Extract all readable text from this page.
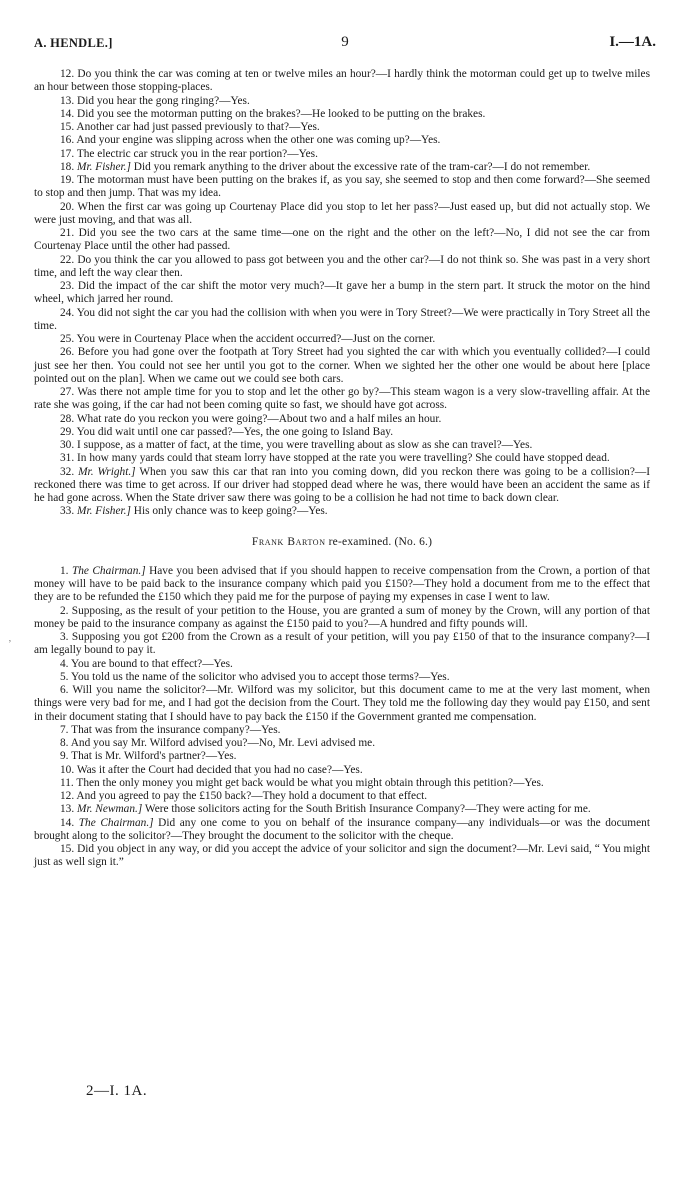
A. HENDLE.]	9	I.—1A.
’

12. Do you think the car was coming at ten or twelve miles an hour?—I hardly think the motorman could get up to twelve miles an hour between those stopping-places.

13. Did you hear the gong ringing?—Yes.

14. Did you see the motorman putting on the brakes?—He looked to be putting on the brakes.

15. Another car had just passed previously to that?—Yes.

16. And your engine was slipping across when the other one was coming up?—Yes.

17. The electric car struck you in the rear portion?—Yes.

18. Mr. Fisher.] Did you remark anything to the driver about the excessive rate of the tram-car?—I do not remember.

19. The motorman must have been putting on the brakes if, as you say, she seemed to stop and then come forward?—She seemed to stop and then jump. That was my idea.

20. When the first car was going up Courtenay Place did you stop to let her pass?—Just eased up, but did not actually stop. We were just moving, and that was all.

21. Did you see the two cars at the same time—one on the right and the other on the left?—No, I did not see the car from Courtenay Place until the other had passed.

22. Do you think the car you allowed to pass got between you and the other car?—I do not think so. She was past in a very short time, and left the way clear then.

23. Did the impact of the car shift the motor very much?—It gave her a bump in the stern part. It struck the motor on the hind wheel, which jarred her round.

24. You did not sight the car you had the collision with when you were in Tory Street?—We were practically in Tory Street all the time.

25. You were in Courtenay Place when the accident occurred?—Just on the corner.

26. Before you had gone over the footpath at Tory Street had you sighted the car with which you eventually collided?—I could just see her then. You could not see her until you got to the corner. When we sighted her the other one would be about here [place pointed out on the plan]. When we came out we could see both cars.

27. Was there not ample time for you to stop and let the other go by?—This steam wagon is a very slow-travelling affair. At the rate she was going, if the car had not been coming quite so fast, we should have got across.

28. What rate do you reckon you were going?—About two and a half miles an hour.

29. You did wait until one car passed?—Yes, the one going to Island Bay.

30. I suppose, as a matter of fact, at the time, you were travelling about as slow as she can travel?—Yes.

31. In how many yards could that steam lorry have stopped at the rate you were travelling? She could have stopped dead.

32. Mr. Wright.] When you saw this car that ran into you coming down, did you reckon there was going to be a collision?—I reckoned there was time to get across. If our driver had stopped dead where he was, there would have been an accident the same as if he had gone across. When the State driver saw there was going to be a collision he had not time to back down clear.

33. Mr. Fisher.] His only chance was to keep going?—Yes.

Frank Barton re-examined. (No. 6.)

1. The Chairman.] Have you been advised that if you should happen to receive compensation from the Crown, a portion of that money will have to be paid back to the insurance company which paid you £150?—They hold a document from me to the effect that they are to be refunded the £150 which they paid me for the purpose of paying my expenses in case I went to law.

2. Supposing, as the result of your petition to the House, you are granted a sum of money by the Crown, will any portion of that money be paid to the insurance company as against the £150 paid to you?—A hundred and fifty pounds will.

3. Supposing you got £200 from the Crown as a result of your petition, will you pay £150 of that to the insurance company?—I am legally bound to pay it.

4. You are bound to that effect?—Yes.

5. You told us the name of the solicitor who advised you to accept those terms?—Yes.

6. Will you name the solicitor?—Mr. Wilford was my solicitor, but this document came to me at the very last moment, when things were very bad for me, and I had got the decision from the Court. They told me the following day they would pay £150, and sent in their document stating that I should have to pay back the £150 if the Government granted me compensation.

7. That was from the insurance company?—Yes.

8. And you say Mr. Wilford advised you?—No, Mr. Levi advised me.

9. That is Mr. Wilford's partner?—Yes.

10. Was it after the Court had decided that you had no case?—Yes.

11. Then the only money you might get back would be what you might obtain through this petition?—Yes.

12. And you agreed to pay the £150 back?—They hold a document to that effect.

13. Mr. Newman.] Were those solicitors acting for the South British Insurance Company?—They were acting for me.

14. The Chairman.] Did any one come to you on behalf of the insurance company—any individuals—or was the document brought along to the solicitor?—They brought the document to the solicitor with the cheque.

15. Did you object in any way, or did you accept the advice of your solicitor and sign the document?—Mr. Levi said, “ You might just as well sign it.”

2—I. 1A.
